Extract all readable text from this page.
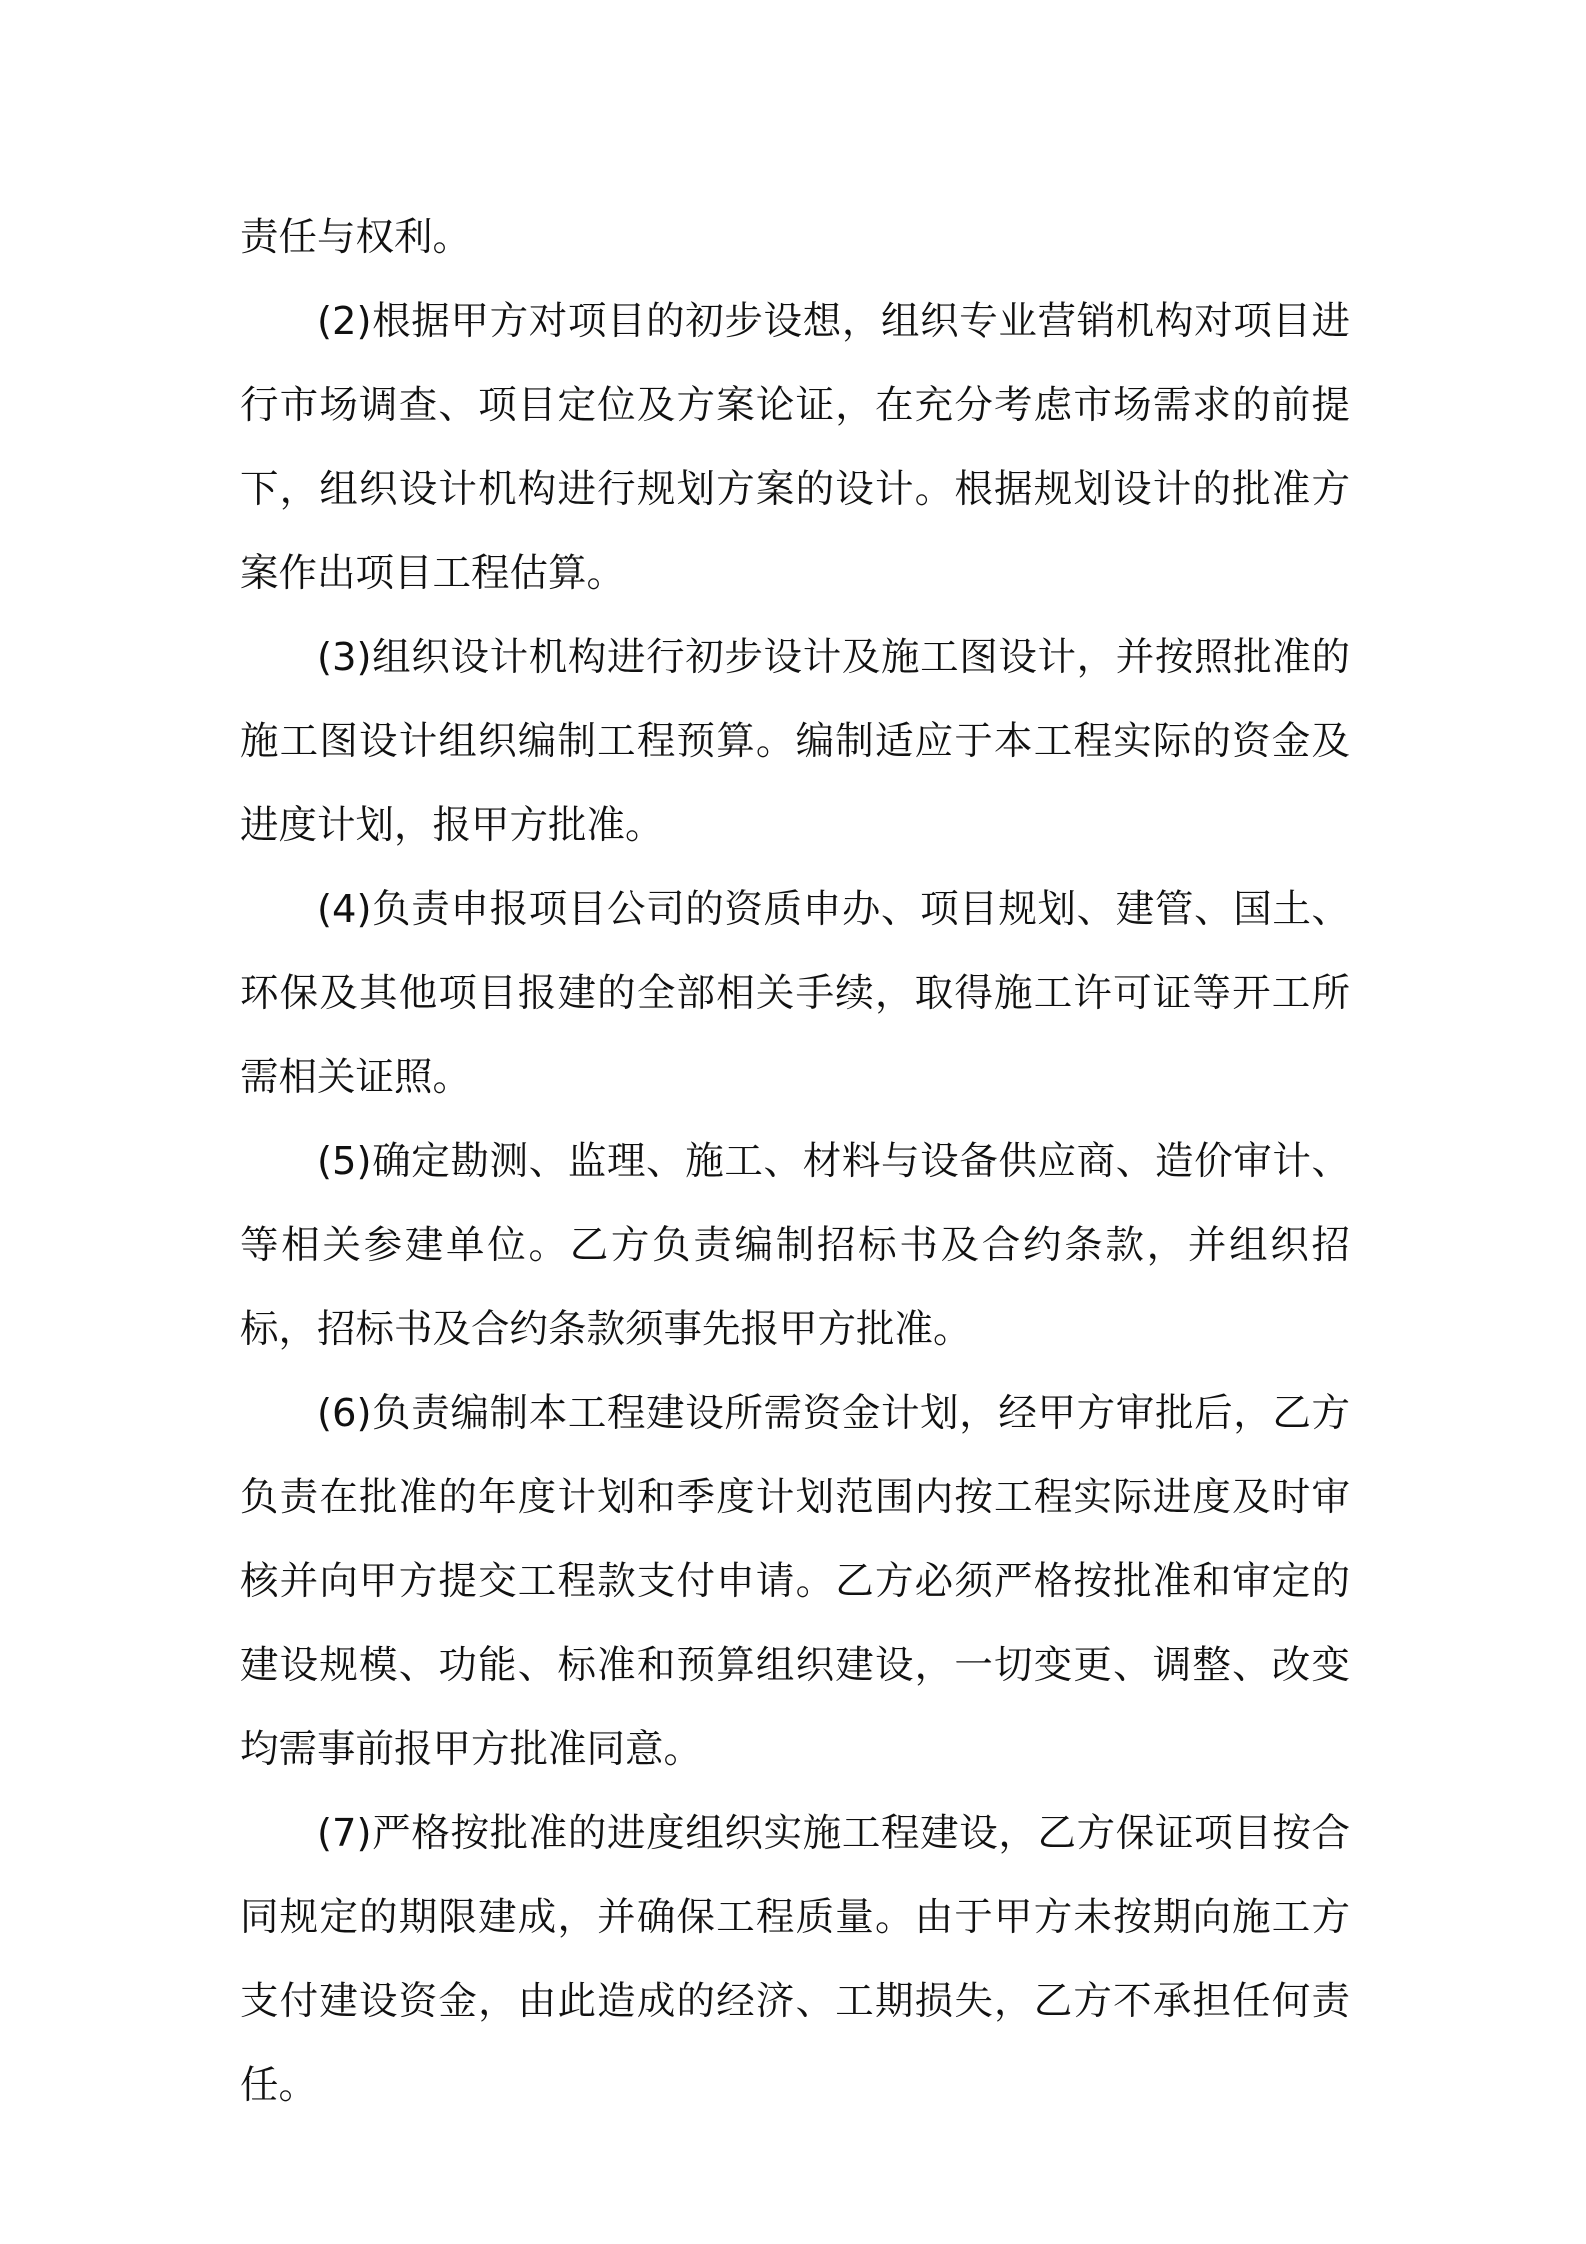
责任与权利。

(2)根据甲方对项目的初步设想，组织专业营销机构对项目进行市场调查、项目定位及方案论证，在充分考虑市场需求的前提下，组织设计机构进行规划方案的设计。根据规划设计的批准方案作出项目工程估算。

(3)组织设计机构进行初步设计及施工图设计，并按照批准的施工图设计组织编制工程预算。编制适应于本工程实际的资金及进度计划，报甲方批准。

(4)负责申报项目公司的资质申办、项目规划、建管、国土、环保及其他项目报建的全部相关手续，取得施工许可证等开工所需相关证照。

(5)确定勘测、监理、施工、材料与设备供应商、造价审计、等相关参建单位。乙方负责编制招标书及合约条款，并组织招标，招标书及合约条款须事先报甲方批准。

(6)负责编制本工程建设所需资金计划，经甲方审批后，乙方负责在批准的年度计划和季度计划范围内按工程实际进度及时审核并向甲方提交工程款支付申请。乙方必须严格按批准和审定的建设规模、功能、标准和预算组织建设，一切变更、调整、改变均需事前报甲方批准同意。

(7)严格按批准的进度组织实施工程建设，乙方保证项目按合同规定的期限建成，并确保工程质量。由于甲方未按期向施工方支付建设资金，由此造成的经济、工期损失，乙方不承担任何责任。
